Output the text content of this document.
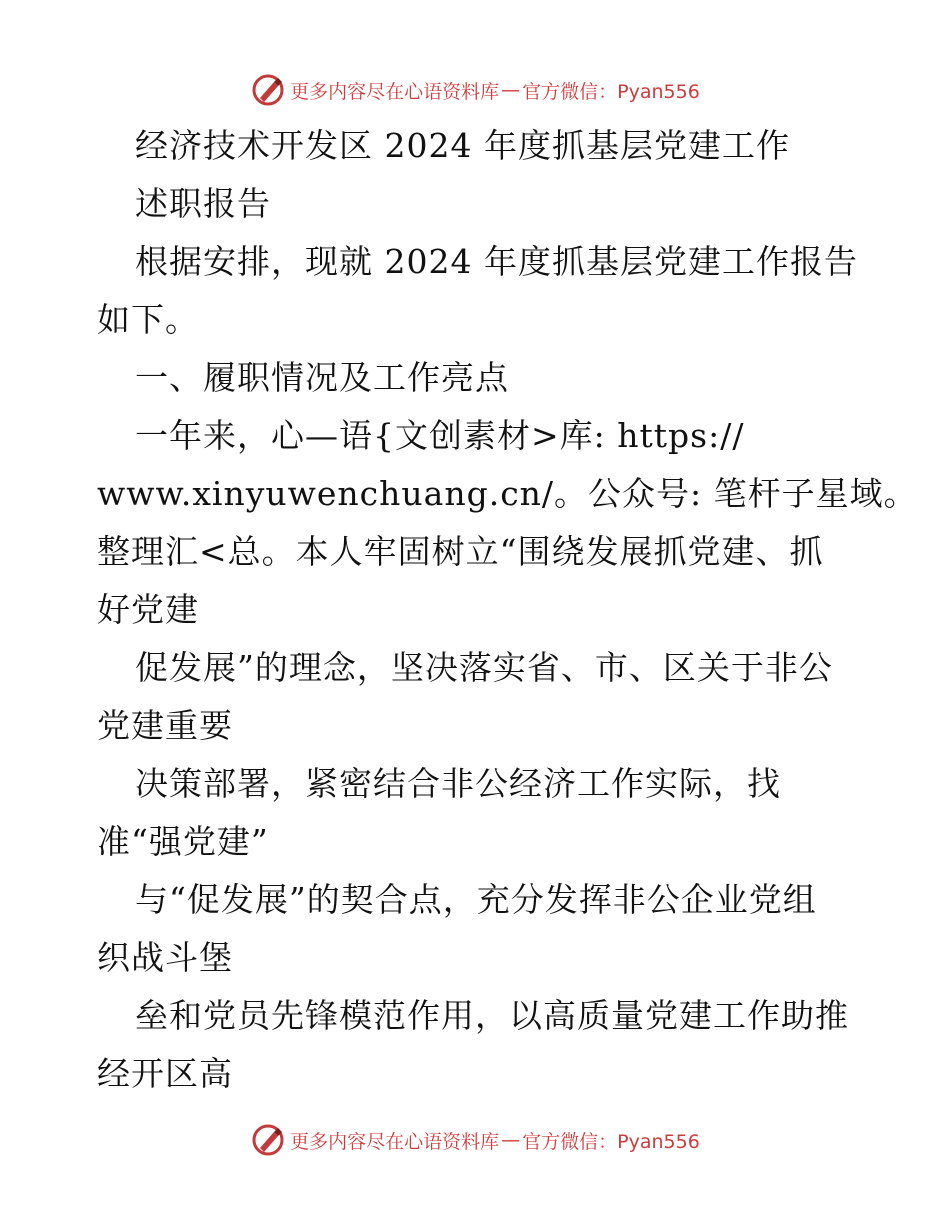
更多内容尽在心语资料库 — 官方微信：Pyan556
经济技术开发区 2024 年度抓基层党建工作
述职报告
根据安排，现就 2024 年度抓基层党建工作报告
如下。
一、履职情况及工作亮点
一年来，心—语{文创素材>库: https://
www.xinyuwenchuang.cn/。公众号: 笔杆子星域。
整理汇<总。本人牢固树立“围绕发展抓党建、抓
好党建
促发展”的理念，坚决落实省、市、区关于非公
党建重要
决策部署，紧密结合非公经济工作实际，找
准“强党建”
与“促发展”的契合点，充分发挥非公企业党组
织战斗堡
垒和党员先锋模范作用，以高质量党建工作助推
经开区高
更多内容尽在心语资料库 — 官方微信：Pyan556
